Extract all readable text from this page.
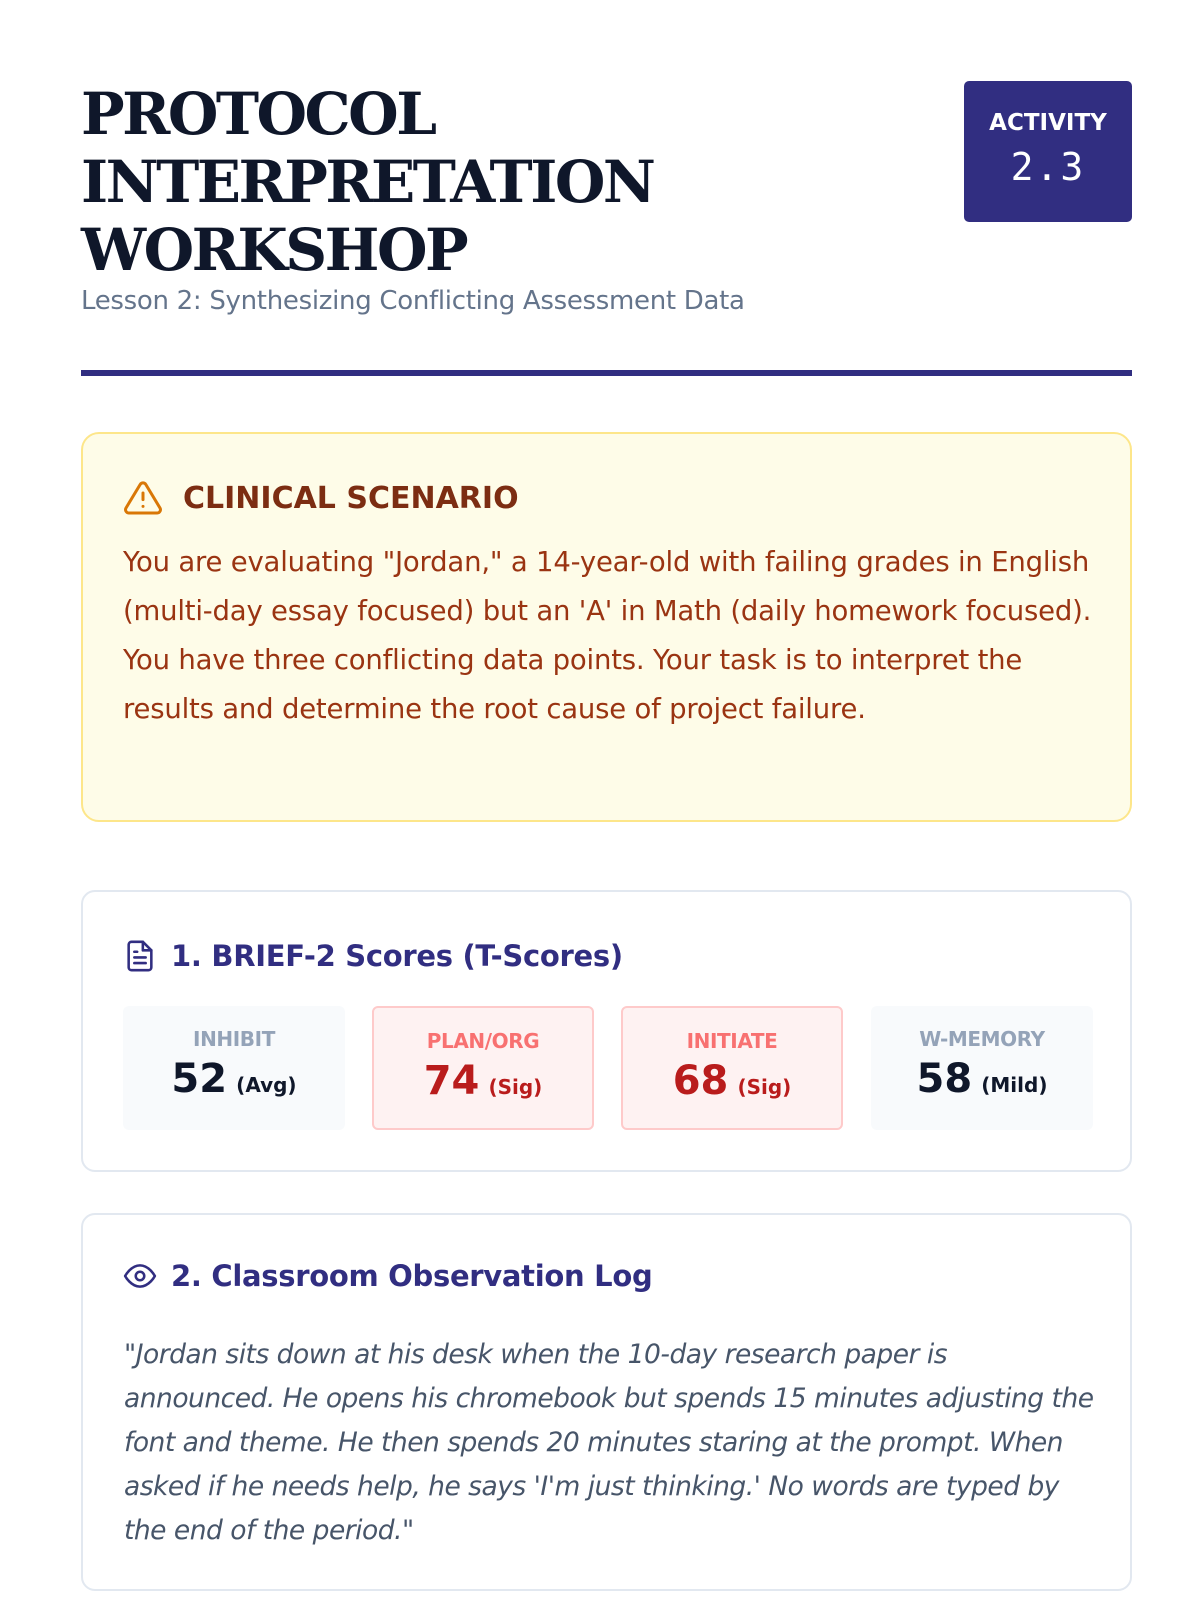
PROTOCOL
INTERPRETATION
WORKSHOP
Lesson 2: Synthesizing Conflicting Assessment Data
ACTIVITY
2.3
CLINICAL SCENARIO

You are evaluating "Jordan," a 14-year-old with failing grades in English (multi-day essay focused) but an 'A' in Math (daily homework focused). You have three conflicting data points. Your task is to interpret the results and determine the root cause of project failure.

1. BRIEF-2 Scores (T-Scores)
INHIBIT
52 (Avg)
PLAN/ORG
74 (Sig)
INITIATE
68 (Sig)
W-MEMORY
58 (Mild)
2. Classroom Observation Log

"Jordan sits down at his desk when the 10-day research paper is announced. He opens his chromebook but spends 15 minutes adjusting the font and theme. He then spends 20 minutes staring at the prompt. When asked if he needs help, he says 'I'm just thinking.' No words are typed by the end of the period."
